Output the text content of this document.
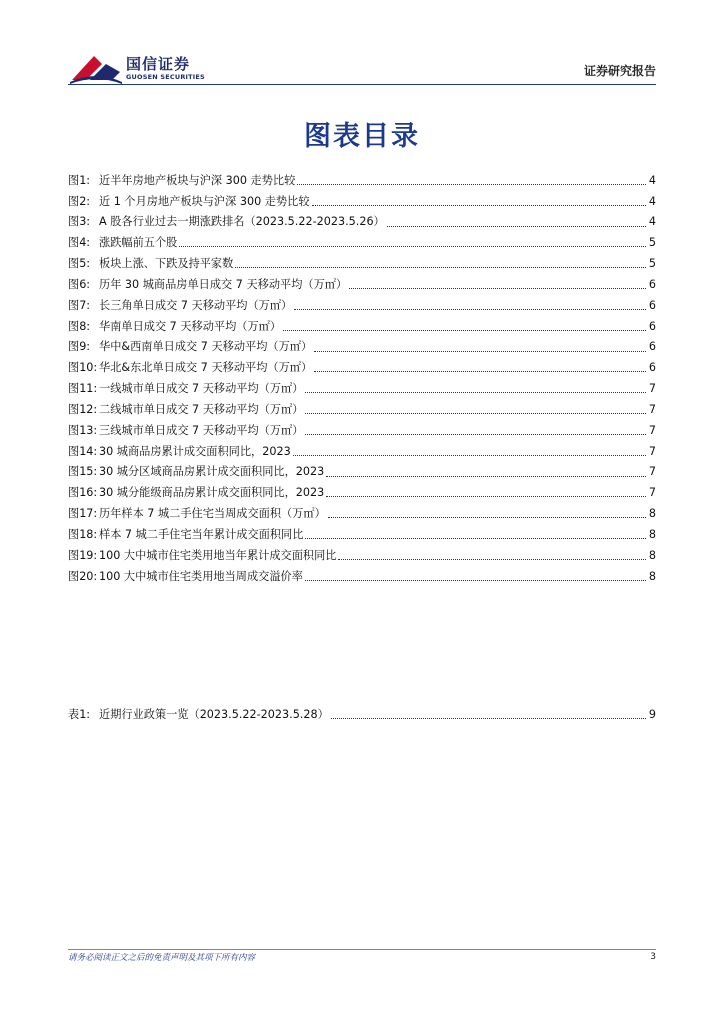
国信证券
GUOSEN SECURITIES	证券研究报告
图表目录
图1: 近半年房地产板块与沪深 300 走势比较	4
图2: 近 1 个月房地产板块与沪深 300 走势比较	4
图3: A 股各行业过去一期涨跌排名（2023.5.22-2023.5.26）	4
图4: 涨跌幅前五个股	5
图5: 板块上涨、下跌及持平家数	5
图6: 历年 30 城商品房单日成交 7 天移动平均（万㎡）	6
图7: 长三角单日成交 7 天移动平均（万㎡）	6
图8: 华南单日成交 7 天移动平均（万㎡）	6
图9: 华中&西南单日成交 7 天移动平均（万㎡）	6
图10: 华北&东北单日成交 7 天移动平均（万㎡）	6
图11: 一线城市单日成交 7 天移动平均（万㎡）	7
图12: 二线城市单日成交 7 天移动平均（万㎡）	7
图13: 三线城市单日成交 7 天移动平均（万㎡）	7
图14: 30 城商品房累计成交面积同比，2023	7
图15: 30 城分区域商品房累计成交面积同比，2023	7
图16: 30 城分能级商品房累计成交面积同比，2023	7
图17: 历年样本 7 城二手住宅当周成交面积（万㎡）	8
图18: 样本 7 城二手住宅当年累计成交面积同比	8
图19: 100 大中城市住宅类用地当年累计成交面积同比	8
图20: 100 大中城市住宅类用地当周成交溢价率	8
表1: 近期行业政策一览（2023.5.22-2023.5.28）	9
请务必阅读正文之后的免责声明及其项下所有内容	3
